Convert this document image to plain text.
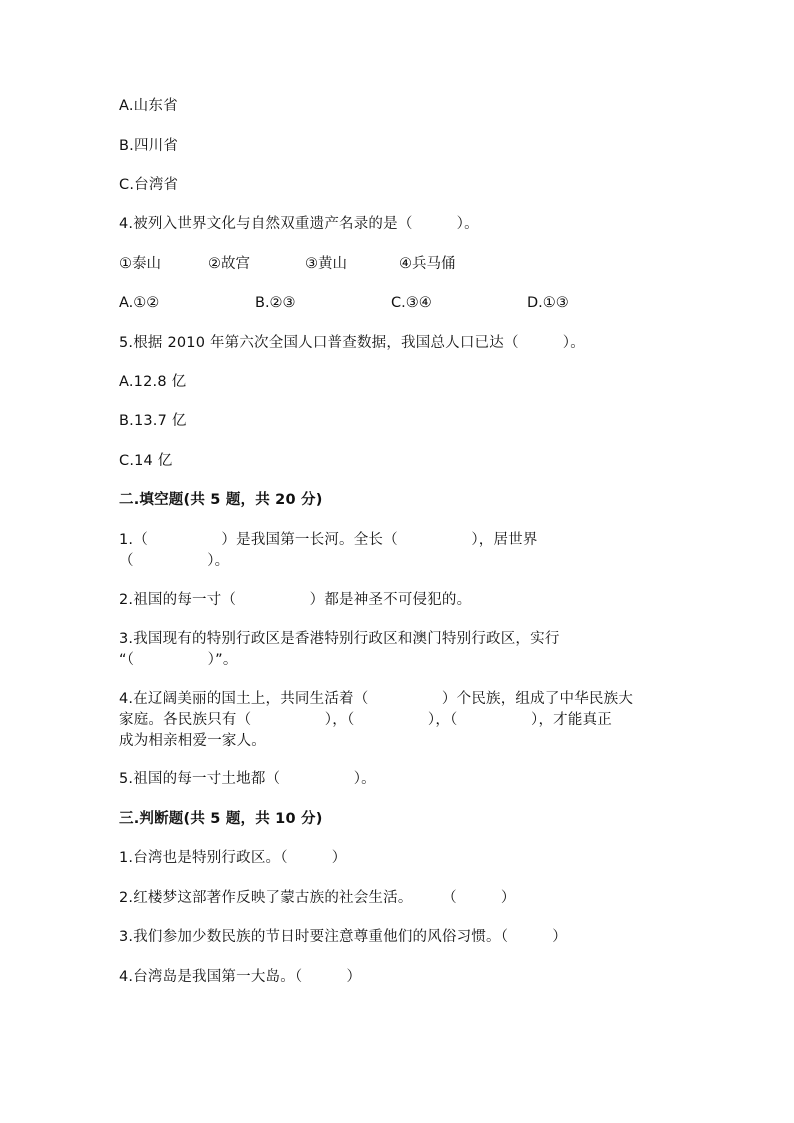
A.山东省
B.四川省
C.台湾省
4.被列入世界文化与自然双重遗产名录的是（　　　）。
①泰山	②故宫	③黄山	④兵马俑
A.①②	B.②③	C.③④	D.①③
5.根据 2010 年第六次全国人口普查数据，我国总人口已达（　　　）。
A.12.8 亿
B.13.7 亿
C.14 亿
二.填空题(共 5 题，共 20 分)
1.（　　　　　）是我国第一长河。全长（　　　　　），居世界
（　　　　　）。
2.祖国的每一寸（　　　　　）都是神圣不可侵犯的。
3.我国现有的特别行政区是香港特别行政区和澳门特别行政区，实行
“（　　　　　）”。
4.在辽阔美丽的国土上，共同生活着（　　　　　）个民族，组成了中华民族大
家庭。各民族只有（　　　　　），（　　　　　），（　　　　　），才能真正
成为相亲相爱一家人。
5.祖国的每一寸土地都（　　　　　）。
三.判断题(共 5 题，共 10 分)
1.台湾也是特别行政区。（　　　）
2.红楼梦这部著作反映了蒙古族的社会生活。　　　（　　　）
3.我们参加少数民族的节日时要注意尊重他们的风俗习惯。（　　　）
4.台湾岛是我国第一大岛。（　　　）
